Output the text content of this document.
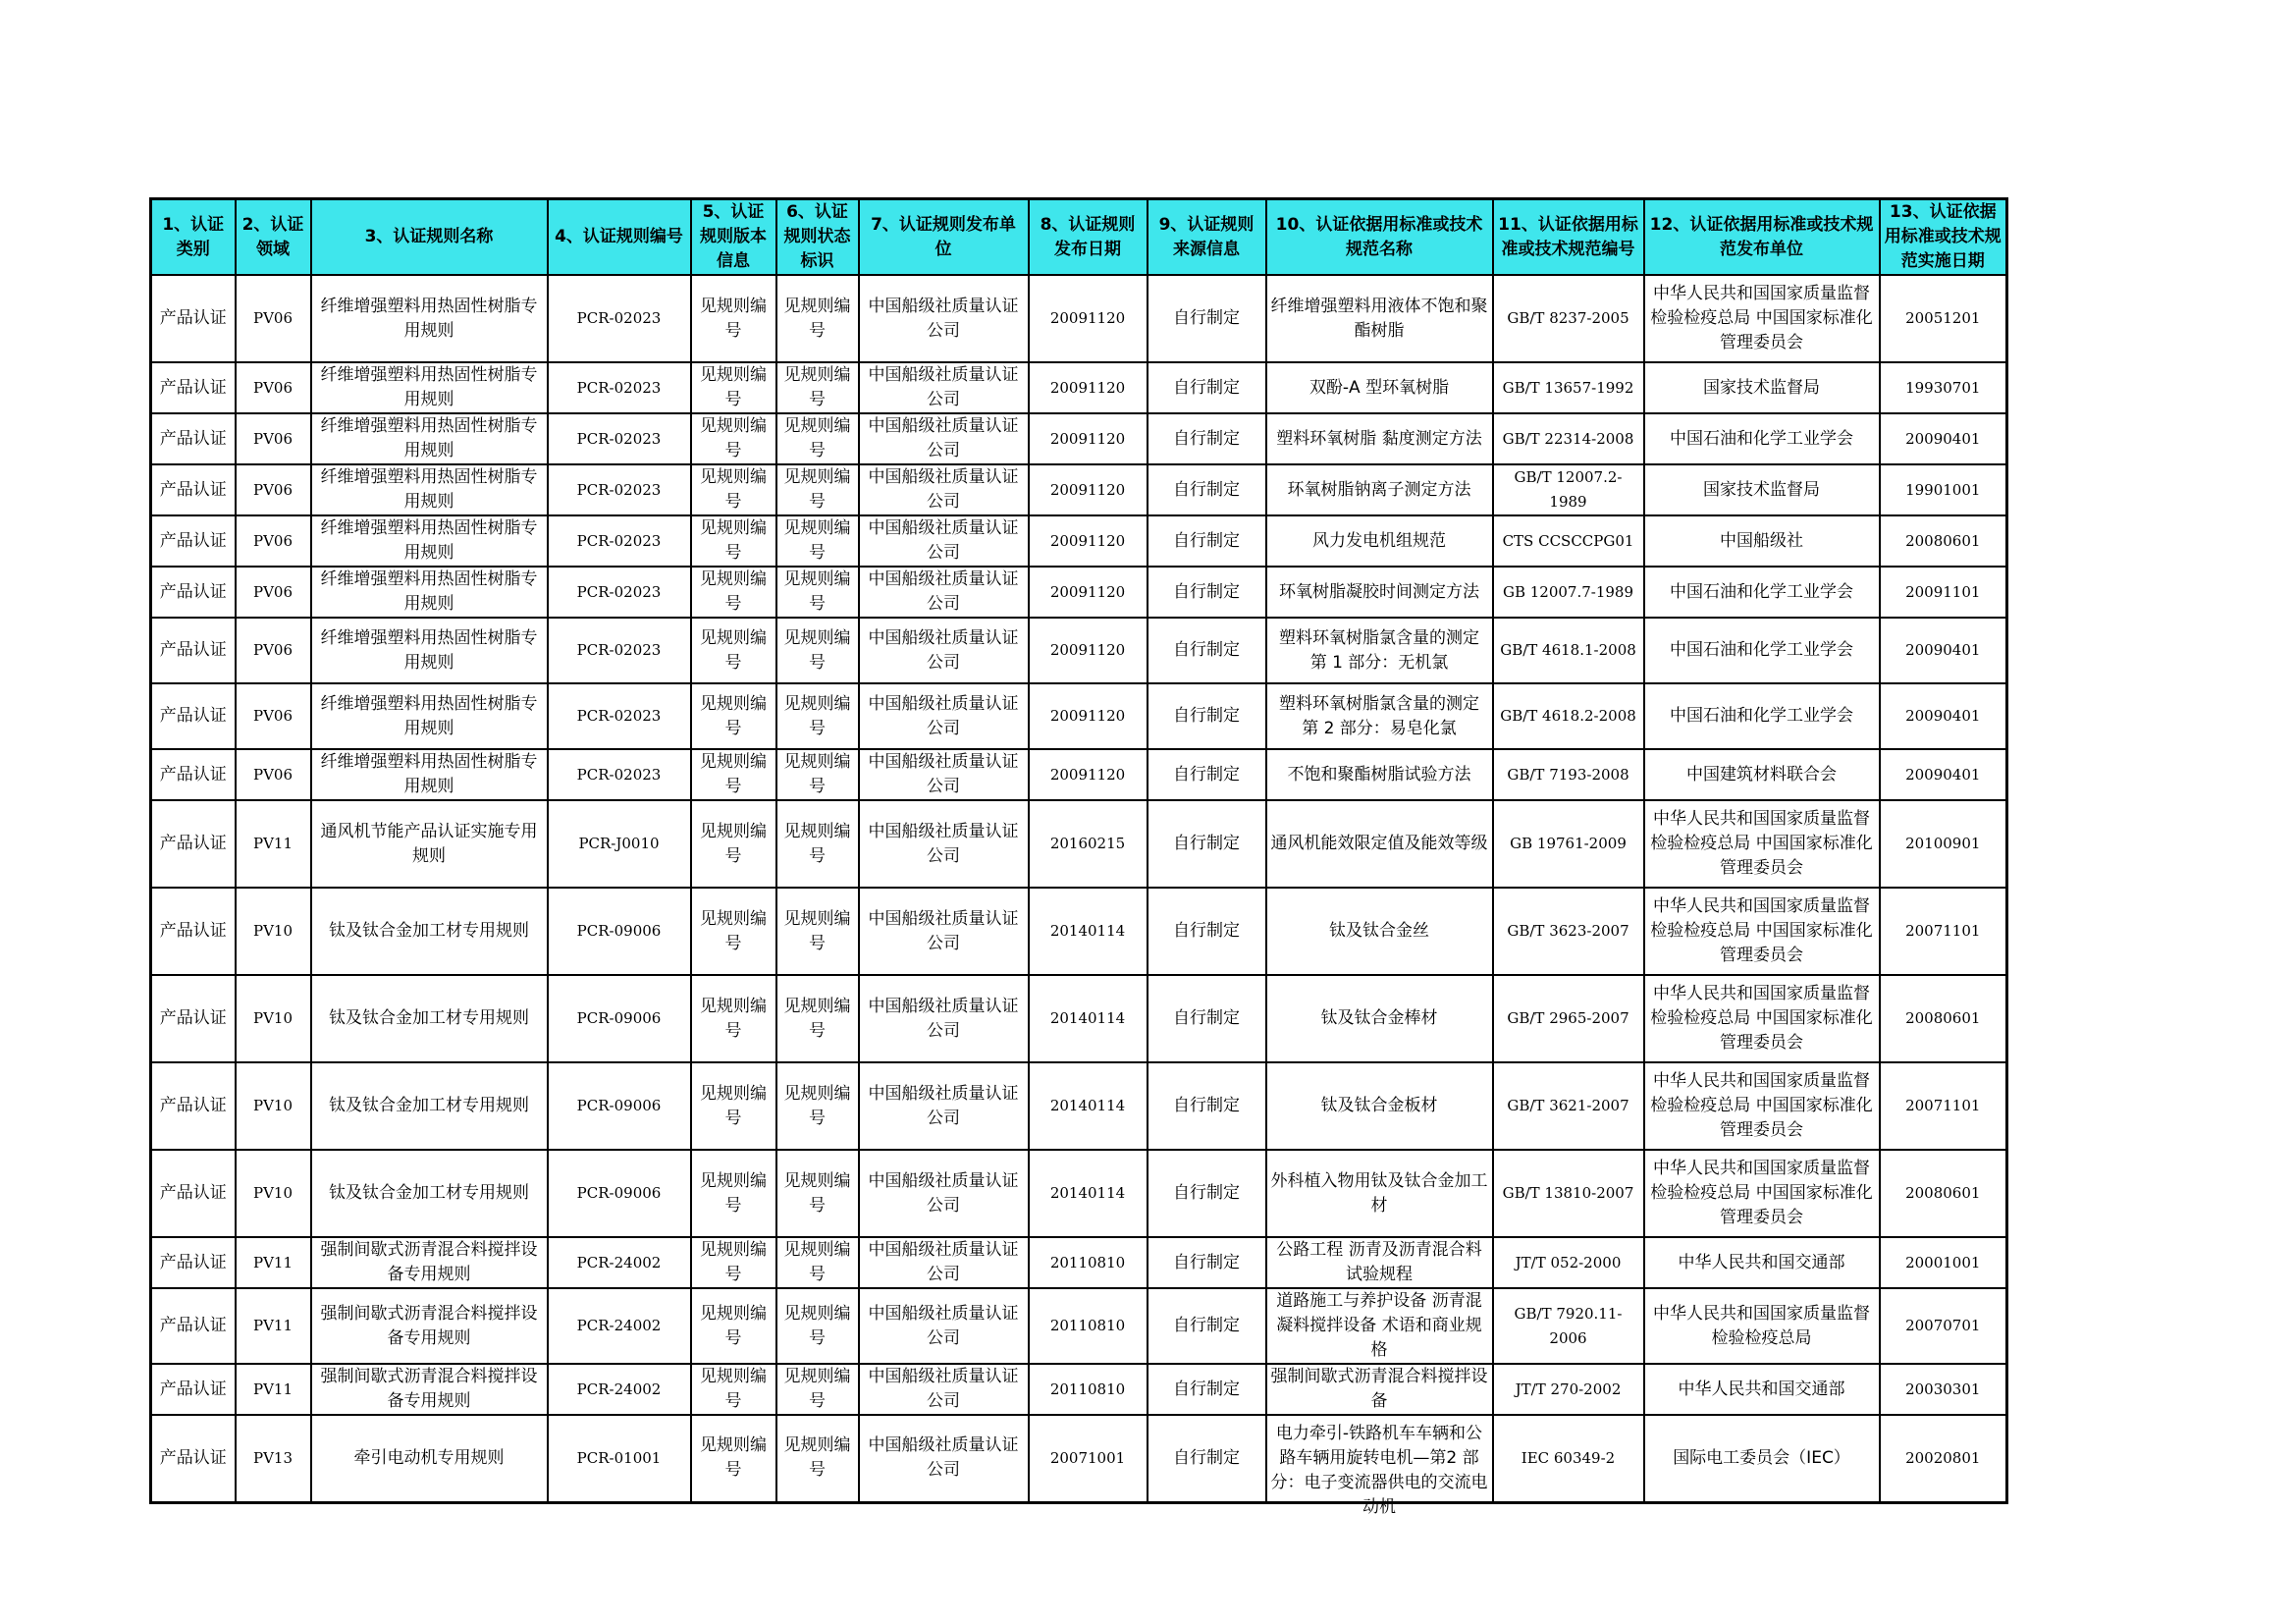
1、认证类别	2、认证领域	3、认证规则名称	4、认证规则编号	5、认证规则版本信息	6、认证规则状态标识	7、认证规则发布单位	8、认证规则发布日期	9、认证规则来源信息	10、认证依据用标准或技术规范名称	11、认证依据用标准或技术规范编号	12、认证依据用标准或技术规范发布单位	13、认证依据用标准或技术规范实施日期

产品认证	PV06	纤维增强塑料用热固性树脂专用规则	PCR-02023	见规则编号	见规则编号	中国船级社质量认证公司	20091120	自行制定	纤维增强塑料用液体不饱和聚酯树脂	GB/T 8237-2005	中华人民共和国国家质量监督检验检疫总局 中国国家标准化管理委员会	20051201

产品认证	PV06	纤维增强塑料用热固性树脂专用规则	PCR-02023	见规则编号	见规则编号	中国船级社质量认证公司	20091120	自行制定	双酚-A 型环氧树脂	GB/T 13657-1992	国家技术监督局	19930701

产品认证	PV06	纤维增强塑料用热固性树脂专用规则	PCR-02023	见规则编号	见规则编号	中国船级社质量认证公司	20091120	自行制定	塑料环氧树脂 黏度测定方法	GB/T 22314-2008	中国石油和化学工业学会	20090401

产品认证	PV06	纤维增强塑料用热固性树脂专用规则	PCR-02023	见规则编号	见规则编号	中国船级社质量认证公司	20091120	自行制定	环氧树脂钠离子测定方法	GB/T 12007.2-1989	国家技术监督局	19901001

产品认证	PV06	纤维增强塑料用热固性树脂专用规则	PCR-02023	见规则编号	见规则编号	中国船级社质量认证公司	20091120	自行制定	风力发电机组规范	CTS CCSCCPG01	中国船级社	20080601

产品认证	PV06	纤维增强塑料用热固性树脂专用规则	PCR-02023	见规则编号	见规则编号	中国船级社质量认证公司	20091120	自行制定	环氧树脂凝胶时间测定方法	GB 12007.7-1989	中国石油和化学工业学会	20091101

产品认证	PV06	纤维增强塑料用热固性树脂专用规则	PCR-02023	见规则编号	见规则编号	中国船级社质量认证公司	20091120	自行制定	塑料环氧树脂氯含量的测定 第 1 部分：无机氯	GB/T 4618.1-2008	中国石油和化学工业学会	20090401

产品认证	PV06	纤维增强塑料用热固性树脂专用规则	PCR-02023	见规则编号	见规则编号	中国船级社质量认证公司	20091120	自行制定	塑料环氧树脂氯含量的测定 第 2 部分：易皂化氯	GB/T 4618.2-2008	中国石油和化学工业学会	20090401

产品认证	PV06	纤维增强塑料用热固性树脂专用规则	PCR-02023	见规则编号	见规则编号	中国船级社质量认证公司	20091120	自行制定	不饱和聚酯树脂试验方法	GB/T 7193-2008	中国建筑材料联合会	20090401

产品认证	PV11	通风机节能产品认证实施专用规则	PCR-J0010	见规则编号	见规则编号	中国船级社质量认证公司	20160215	自行制定	通风机能效限定值及能效等级	GB 19761-2009	中华人民共和国国家质量监督检验检疫总局 中国国家标准化管理委员会	20100901

产品认证	PV10	钛及钛合金加工材专用规则	PCR-09006	见规则编号	见规则编号	中国船级社质量认证公司	20140114	自行制定	钛及钛合金丝	GB/T 3623-2007	中华人民共和国国家质量监督检验检疫总局 中国国家标准化管理委员会	20071101

产品认证	PV10	钛及钛合金加工材专用规则	PCR-09006	见规则编号	见规则编号	中国船级社质量认证公司	20140114	自行制定	钛及钛合金棒材	GB/T 2965-2007	中华人民共和国国家质量监督检验检疫总局 中国国家标准化管理委员会	20080601

产品认证	PV10	钛及钛合金加工材专用规则	PCR-09006	见规则编号	见规则编号	中国船级社质量认证公司	20140114	自行制定	钛及钛合金板材	GB/T 3621-2007	中华人民共和国国家质量监督检验检疫总局 中国国家标准化管理委员会	20071101

产品认证	PV10	钛及钛合金加工材专用规则	PCR-09006	见规则编号	见规则编号	中国船级社质量认证公司	20140114	自行制定	外科植入物用钛及钛合金加工材	GB/T 13810-2007	中华人民共和国国家质量监督检验检疫总局 中国国家标准化管理委员会	20080601

产品认证	PV11	强制间歇式沥青混合料搅拌设备专用规则	PCR-24002	见规则编号	见规则编号	中国船级社质量认证公司	20110810	自行制定	公路工程 沥青及沥青混合料试验规程	JT/T 052-2000	中华人民共和国交通部	20001001

产品认证	PV11	强制间歇式沥青混合料搅拌设备专用规则	PCR-24002	见规则编号	见规则编号	中国船级社质量认证公司	20110810	自行制定	道路施工与养护设备 沥青混凝料搅拌设备 术语和商业规格	GB/T 7920.11-2006	中华人民共和国国家质量监督检验检疫总局	20070701

产品认证	PV11	强制间歇式沥青混合料搅拌设备专用规则	PCR-24002	见规则编号	见规则编号	中国船级社质量认证公司	20110810	自行制定	强制间歇式沥青混合料搅拌设备	JT/T 270-2002	中华人民共和国交通部	20030301

产品认证	PV13	牵引电动机专用规则	PCR-01001	见规则编号	见规则编号	中国船级社质量认证公司	20071001	自行制定	电力牵引-铁路机车车辆和公路车辆用旋转电机—第2 部分：电子变流器供电的交流电动机	IEC 60349-2	国际电工委员会（IEC）	20020801
